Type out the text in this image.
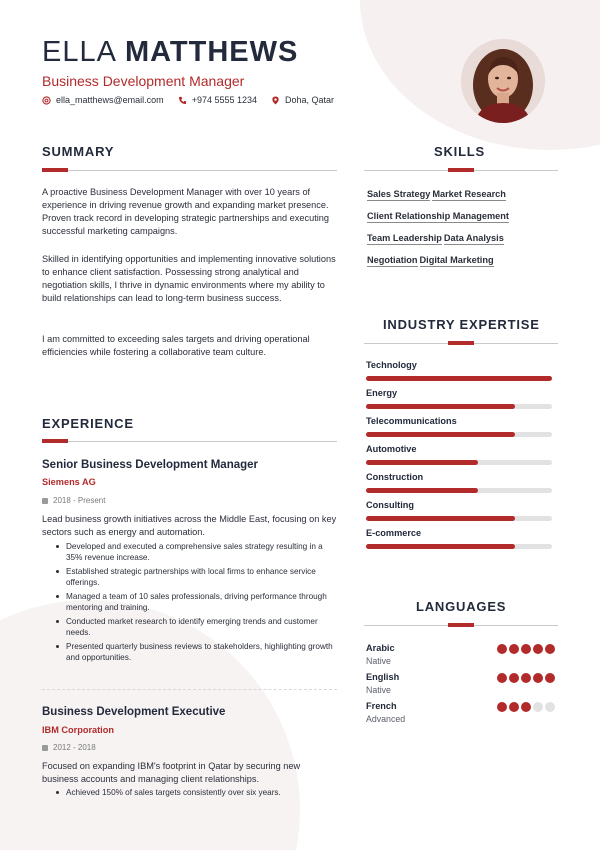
ELLA MATTHEWS
Business Development Manager
ella_matthews@email.com	+974 5555 1234	Doha, Qatar
SUMMARY

A proactive Business Development Manager with over 10 years of experience in driving revenue growth and expanding market presence. Proven track record in developing strategic partnerships and executing successful marketing campaigns.

Skilled in identifying opportunities and implementing innovative solutions to enhance client satisfaction. Possessing strong analytical and negotiation skills, I thrive in dynamic environments where my ability to build relationships can lead to long-term business success.

I am committed to exceeding sales targets and driving operational efficiencies while fostering a collaborative team culture.

EXPERIENCE
Senior Business Development Manager
Siemens AG
2018 - Present

Lead business growth initiatives across the Middle East, focusing on key sectors such as energy and automation.

Developed and executed a comprehensive sales strategy resulting in a 35% revenue increase.
Established strategic partnerships with local firms to enhance service offerings.
Managed a team of 10 sales professionals, driving performance through mentoring and training.
Conducted market research to identify emerging trends and customer needs.
Presented quarterly business reviews to stakeholders, highlighting growth and opportunities.
Business Development Executive
IBM Corporation
2012 - 2018

Focused on expanding IBM's footprint in Qatar by securing new business accounts and managing client relationships.

Achieved 150% of sales targets consistently over six years.
SKILLS
Sales Strategy Market Research
Client Relationship Management
Team Leadership Data Analysis
Negotiation Digital Marketing
INDUSTRY EXPERTISE
Technology
Energy
Telecommunications
Automotive
Construction
Consulting
E-commerce
LANGUAGES
Arabic
Native
English
Native
French
Advanced
